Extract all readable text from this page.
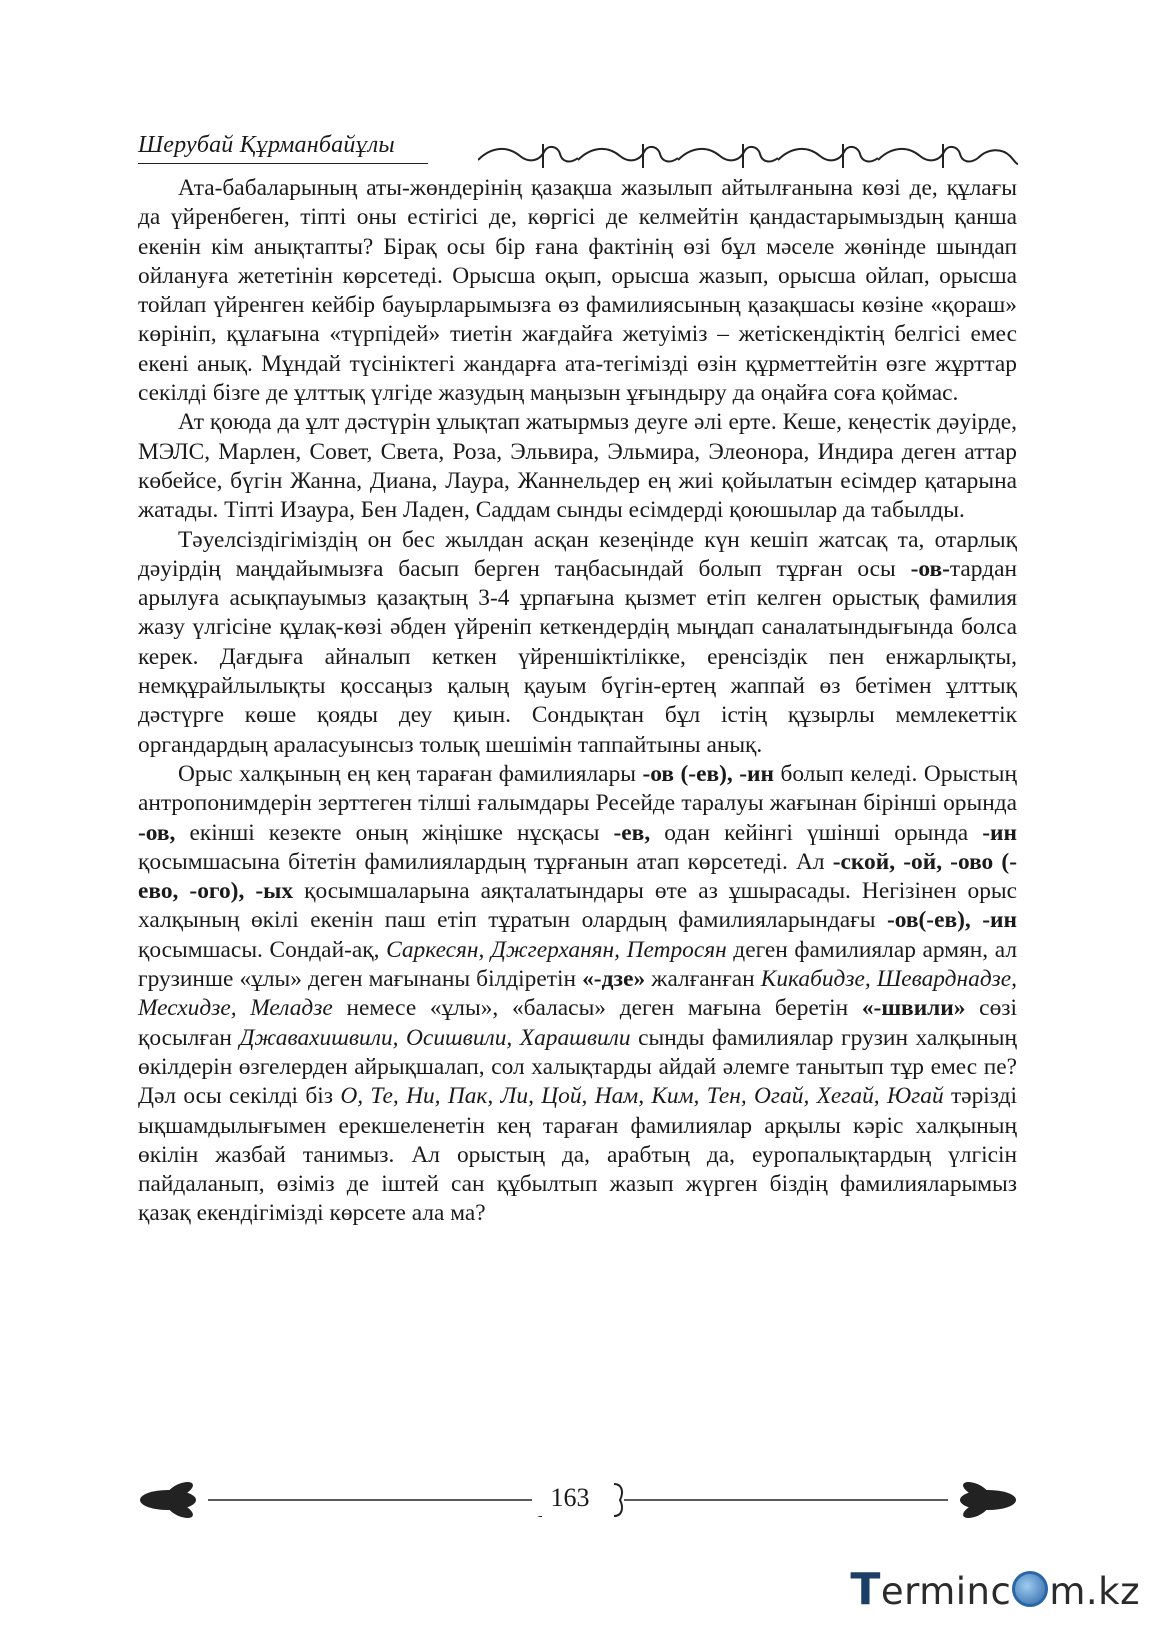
Шерубай Құрманбайұлы

Ата-бабаларының аты-жөндерінің қазақша жазылып айтылғанына көзі де, құлағы да үйренбеген, тіпті оны естігісі де, көргісі де келмейтін қандастарымыздың қанша екенін кім анықтапты? Бірақ осы бір ғана фактінің өзі бұл мәселе жөнінде шындап ойлануға жететінін көрсетеді. Орысша оқып, орысша жазып, орысша ойлап, орысша тойлап үйренген кейбір бауырларымызға өз фамилиясының қазақшасы көзіне «қораш» көрініп, құлағына «түрпідей» тиетін жағдайға жетуіміз – жетіскендіктің белгісі емес екені анық. Мұндай түсініктегі жандарға ата-тегімізді өзін құрметтейтін өзге жұрттар секілді бізге де ұлттық үлгіде жазудың маңызын ұғындыру да оңайға соға қоймас.

Ат қоюда да ұлт дәстүрін ұлықтап жатырмыз деуге әлі ерте. Кеше, кеңестік дәуірде, МЭЛС, Марлен, Совет, Света, Роза, Эльвира, Эльмира, Элеонора, Индира деген аттар көбейсе, бүгін Жанна, Диана, Лаура, Жаннельдер ең жиі қойылатын есімдер қатарына жатады. Тіпті Изаура, Бен Ладен, Саддам сынды есімдерді қоюшылар да табылды.

Тәуелсіздігіміздің он бес жылдан асқан кезеңінде күн кешіп жатсақ та, отарлық дәуірдің маңдайымызға басып берген таңбасындай болып тұрған осы -ов-тардан арылуға асықпауымыз қазақтың 3-4 ұрпағына қызмет етіп келген орыстық фамилия жазу үлгісіне құлақ-көзі әбден үйреніп кеткендердің мыңдап саналатындығында болса керек. Дағдыға айналып кеткен үйреншіктілікке, еренсіздік пен енжарлықты, немқұрайлылықты қоссаңыз қалың қауым бүгін-ертең жаппай өз бетімен ұлттық дәстүрге көше қояды деу қиын. Сондықтан бұл істің құзырлы мемлекеттік органдардың араласуынсыз толық шешімін таппайтыны анық.

Орыс халқының ең кең тараған фамилиялары -ов (-ев), -ин болып келеді. Орыстың антропонимдерін зерттеген тілші ғалымдары Ресейде таралуы жағынан бірінші орында -ов, екінші кезекте оның жіңішке нұсқасы -ев, одан кейінгі үшінші орында -ин қосымшасына бітетін фамилиялардың тұрғанын атап көрсетеді. Ал -ской, -ой, -ово (-ево, -ого), -ых қосымшаларына аяқталатындары өте аз ұшырасады. Негізінен орыс халқының өкілі екенін паш етіп тұратын олардың фамилияларындағы -ов(-ев), -ин қосымшасы. Сондай-ақ, Саркесян, Джгерханян, Петросян деген фамилиялар армян, ал грузинше «ұлы» деген мағынаны білдіретін «-дзе» жалғанған Кикабидзе, Шеварднадзе, Месхидзе, Меладзе немесе «ұлы», «баласы» деген мағына беретін «-швили» сөзі қосылған Джавахишвили, Осишвили, Харашвили сынды фамилиялар грузин халқының өкілдерін өзгелерден айрықшалап, сол халықтарды айдай әлемге танытып тұр емес пе? Дәл осы секілді біз О, Те, Ни, Пак, Ли, Цой, Нам, Ким, Тен, Огай, Хегай, Югай тәрізді ықшамдылығымен ерекшеленетін кең тараған фамилиялар арқылы кәріс халқының өкілін жазбай танимыз. Ал орыстың да, арабтың да, еуропалықтардың үлгісін пайдаланып, өзіміз де іштей сан құбылтып жазып жүрген біздің фамилияларымыз қазақ екендігімізді көрсете ала ма?

163
Terminc m.kz
